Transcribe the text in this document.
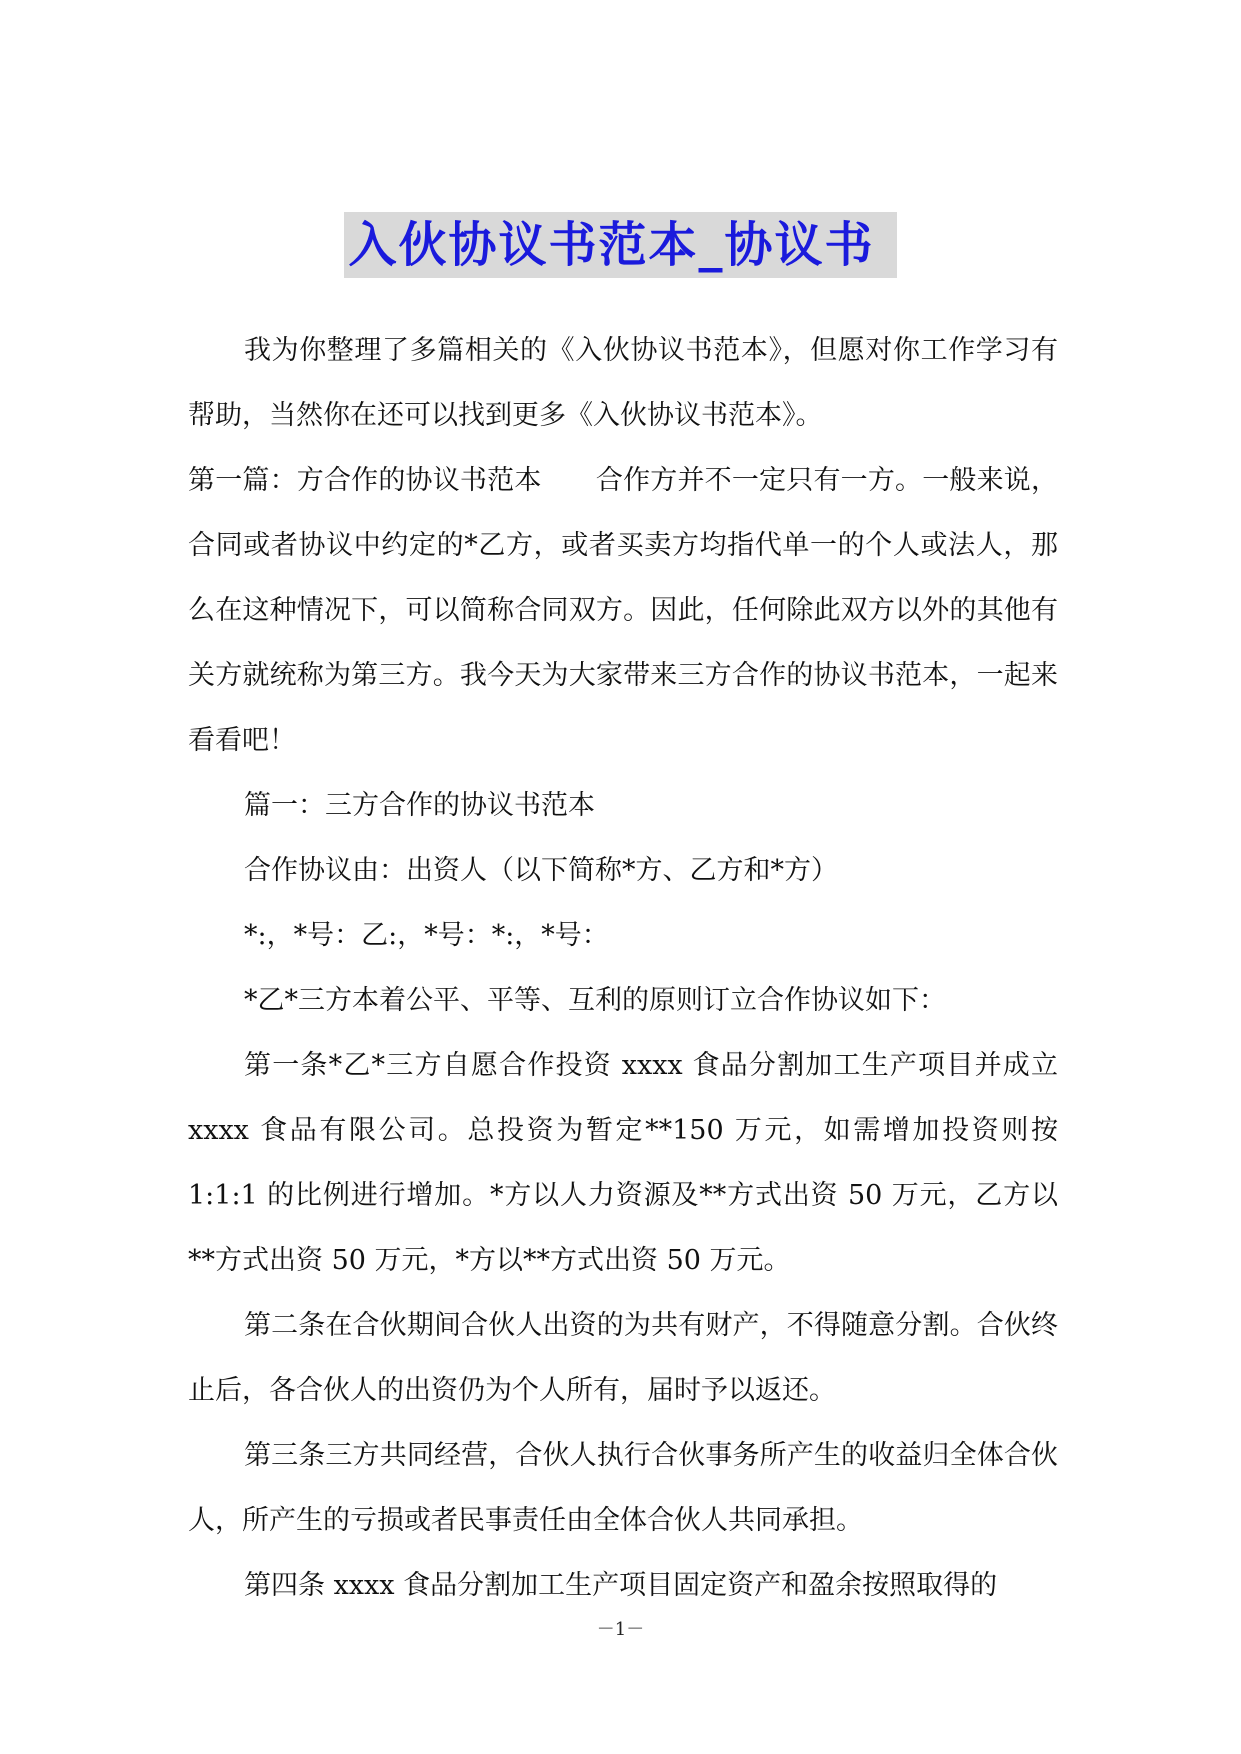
入伙协议书范本_协议书

我为你整理了多篇相关的《入伙协议书范本》，但愿对你工作学习有帮助，当然你在还可以找到更多《入伙协议书范本》。

第一篇：方合作的协议书范本　　合作方并不一定只有一方。一般来说，合同或者协议中约定的*乙方，或者买卖方均指代单一的个人或法人，那么在这种情况下，可以简称合同双方。因此，任何除此双方以外的其他有关方就统称为第三方。我今天为大家带来三方合作的协议书范本，一起来看看吧！

篇一：三方合作的协议书范本

合作协议由：出资人（以下简称*方、乙方和*方）

*:，*号：乙:，*号：*:，*号：

*乙*三方本着公平、平等、互利的原则订立合作协议如下：

第一条*乙*三方自愿合作投资 xxxx 食品分割加工生产项目并成立 xxxx 食品有限公司。总投资为暂定**150 万元，如需增加投资则按 1:1:1 的比例进行增加。*方以人力资源及**方式出资 50 万元，乙方以**方式出资 50 万元，*方以**方式出资 50 万元。

第二条在合伙期间合伙人出资的为共有财产，不得随意分割。合伙终止后，各合伙人的出资仍为个人所有，届时予以返还。

第三条三方共同经营，合伙人执行合伙事务所产生的收益归全体合伙人，所产生的亏损或者民事责任由全体合伙人共同承担。

第四条 xxxx 食品分割加工生产项目固定资产和盈余按照取得的

－1－
